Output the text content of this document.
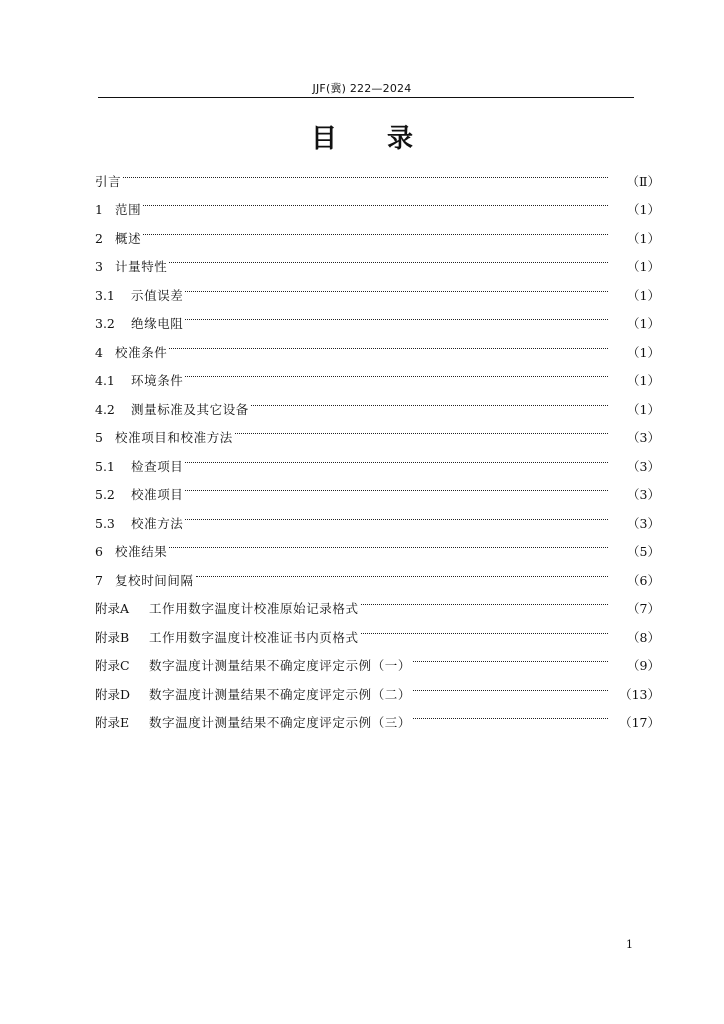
JJF(冀) 222—2024
目录
引言	（Ⅱ）
1 范围	（1）
2 概述	（1）
3 计量特性	（1）
3.1	示值误差	（1）
3.2	绝缘电阻	（1）
4 校准条件	（1）
4.1	环境条件	（1）
4.2	测量标准及其它设备	（1）
5 校准项目和校准方法	（3）
5.1	检查项目	（3）
5.2	校准项目	（3）
5.3	校准方法	（3）
6 校准结果	（5）
7 复校时间间隔	（6）
附录A	工作用数字温度计校准原始记录格式	（7）
附录B	工作用数字温度计校准证书内页格式	（8）
附录C	数字温度计测量结果不确定度评定示例（一）	（9）
附录D	数字温度计测量结果不确定度评定示例（二）	（13）
附录E	数字温度计测量结果不确定度评定示例（三）	（17）
1
